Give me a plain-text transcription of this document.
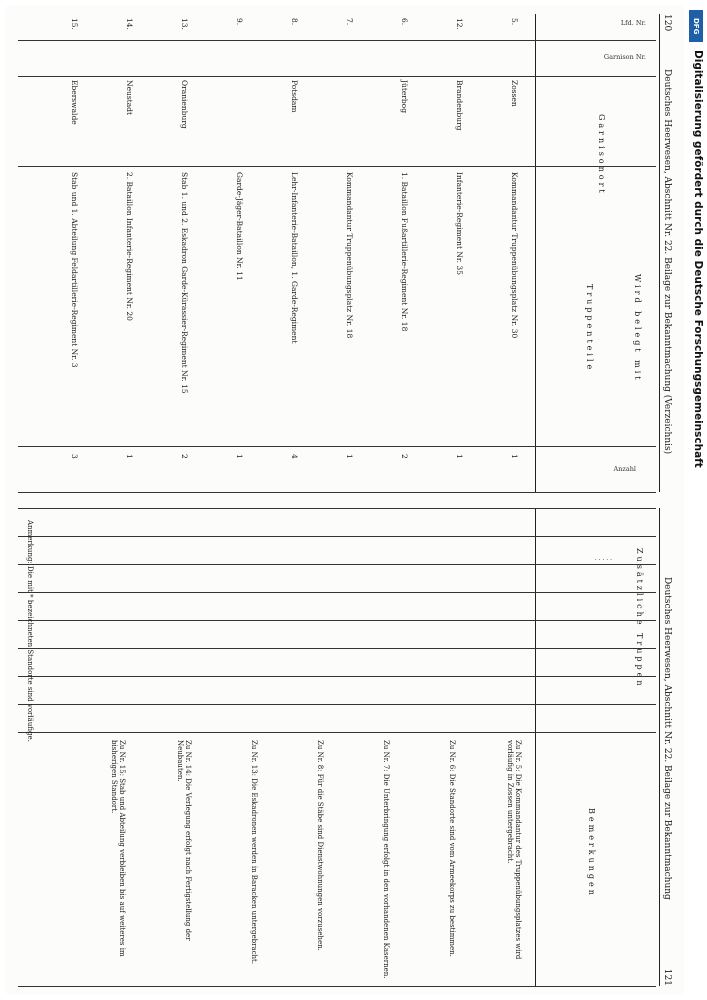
120
Deutsches Heerwesen, Abschnitt Nr. 22. Beilage zur Bekanntmachung (Verzeichnis)
Lfd. Nr.
Garnison Nr.
Garnisonort
Wird belegt mit
Truppenteile
Anzahl
5.
Zossen
Kommandantur Truppenübungsplatz Nr. 30
1
12.
Brandenburg
Infanterie-Regiment Nr. 35
1
6.
Jüterbog
1. Bataillon Fußartillerie-Regiment Nr. 18
2
7.
Kommandantur Truppenübungsplatz Nr. 18
1
8.
Potsdam
Lehr-Infanterie-Bataillon, 1. Garde-Regiment
4
9.
Garde-Jäger-Bataillon Nr. 11
1
13.
Oranienburg
Stab 1. und 2. Eskadron Garde-Kürassier-Regiment Nr. 15
2
14.
Neustadt
2. Bataillon Infanterie-Regiment Nr. 20
1
15.
Eberswalde
Stab und 1. Abteilung Feldartillerie-Regiment Nr. 3
3
Deutsches Heerwesen, Abschnitt Nr. 22. Beilage zur Bekanntmachung
121
Zusätzliche Truppen
Bemerkungen
· · · · ·
Zu Nr. 5: Die Kommandantur des Truppenübungsplatzes wird vorläufig in Zossen untergebracht.
Zu Nr. 6: Die Standorte sind vom Armeekorps zu bestimmen.
Zu Nr. 7: Die Unterbringung erfolgt in den vorhandenen Kasernen.
Zu Nr. 8: Für die Stäbe sind Dienstwohnungen vorzusehen.
Zu Nr. 13: Die Eskadronen werden in Baracken untergebracht.
Zu Nr. 14: Die Verlegung erfolgt nach Fertigstellung der Neubauten.
Zu Nr. 15: Stab und Abteilung verbleiben bis auf weiteres im bisherigen Standort.
Anmerkung: Die mit * bezeichneten Standorte sind vorläufige.
DFG
Digitalisierung gefördert durch die Deutsche Forschungsgemeinschaft
